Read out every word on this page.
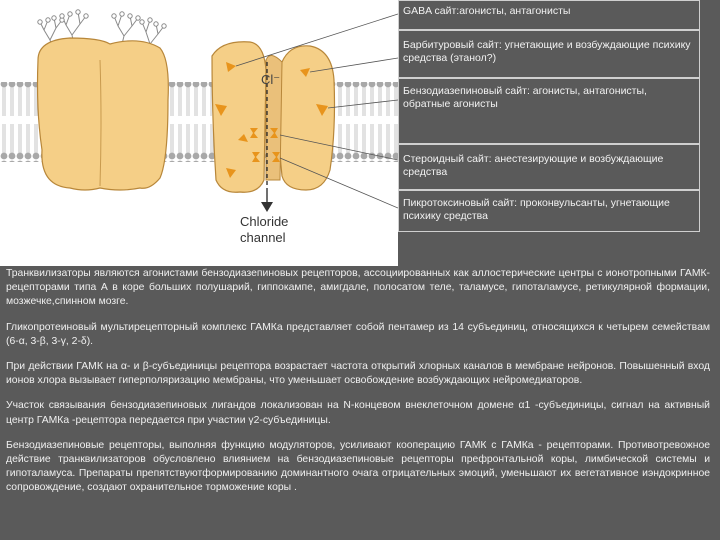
Cl⁻
Chloride
channel
GABA сайт:агонисты, антагонисты
Барбитуровый сайт: угнетающие и возбуждающие психику средства (этанол?)
Бензодиазепиновый сайт: агонисты, антагонисты, обратные агонисты
Стероидный сайт: анестезирующие и возбуждающие средства
Пикротоксиновый сайт: проконвульсанты, угнетающие психику средства

Транквилизаторы являются агонистами бензодиазепиновых рецепторов, ассоциированных как аллостерические центры с ионотропными ГАМК-рецепторами типа А в коре больших полушарий, гиппокампе, амигдале, полосатом теле, таламусе, гипоталамусе, ретикулярной формации, мозжечке,спинном мозге.

Гликопротеиновый мультирецепторный комплекс ГАМКа представляет собой пентамер из 14 субъединиц, относящихся к четырем семействам (6-α, 3-β, 3-γ, 2-δ).

При действии ГАМК на α- и β-субъединицы рецептора возрастает частота открытий хлорных каналов в мембране нейронов. Повышенный вход ионов хлора вызывает гиперполяризацию мембраны, что уменьшает освобождение возбуждающих нейромедиаторов.

Участок связывания бензодиазепиновых лигандов локализован на N-концевом внеклеточном домене α1 -субъединицы, сигнал на активный центр ГАМКа -рецептора передается при участии γ2-субъединицы.

Бензодиазепиновые рецепторы, выполняя функцию модуляторов, усиливают кооперацию ГАМК с ГАМКа - рецепторами. Противотревожное действие транквилизаторов обусловлено влиянием на бензодиазепиновые рецепторы префронтальной коры, лимбической системы и гипоталамуса. Препараты препятствуютформированию доминантного очага отрицательных эмоций, уменьшают их вегетативное иэндокринное сопровождение, создают охранительное торможение коры .
